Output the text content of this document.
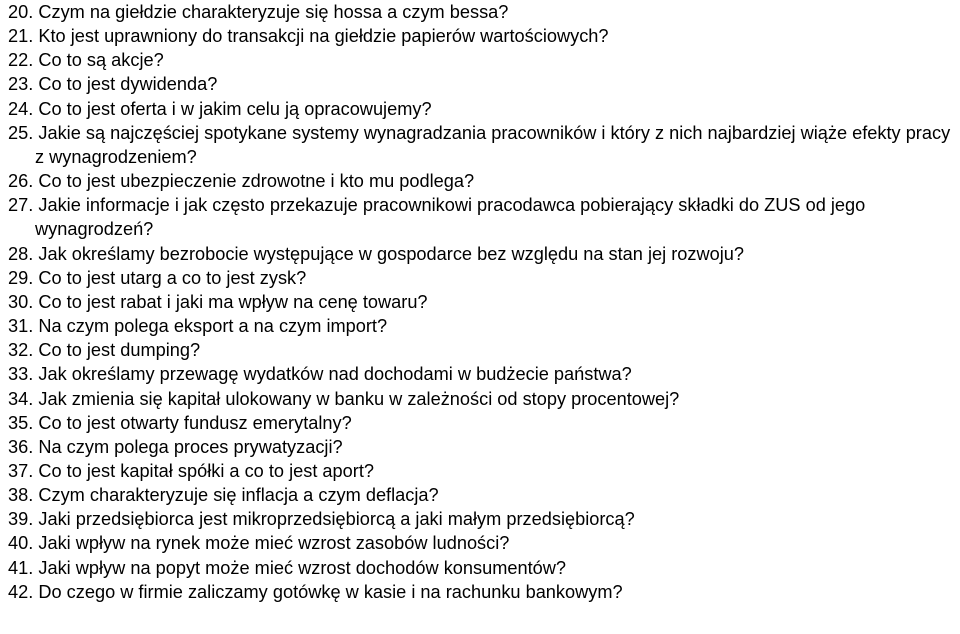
20. Czym na giełdzie charakteryzuje się hossa a czym bessa?
21. Kto jest uprawniony do transakcji na giełdzie papierów wartościowych?
22. Co to są akcje?
23. Co to jest dywidenda?
24. Co to jest oferta i w jakim celu ją opracowujemy?
25. Jakie są najczęściej spotykane systemy wynagradzania pracowników i który z nich najbardziej wiąże efekty pracy z wynagrodzeniem?
26. Co to jest ubezpieczenie zdrowotne i kto mu podlega?
27. Jakie informacje i jak często przekazuje pracownikowi pracodawca pobierający składki do ZUS od jego wynagrodzeń?
28. Jak określamy bezrobocie występujące w gospodarce bez względu na stan jej rozwoju?
29. Co to jest utarg a co to jest zysk?
30. Co to jest rabat i jaki ma wpływ na cenę towaru?
31. Na czym polega eksport a na czym import?
32. Co to jest dumping?
33. Jak określamy przewagę wydatków nad dochodami w budżecie państwa?
34. Jak zmienia się kapitał ulokowany w banku w zależności od stopy procentowej?
35. Co to jest otwarty fundusz emerytalny?
36. Na czym polega proces prywatyzacji?
37. Co to jest kapitał spółki a co to jest aport?
38. Czym charakteryzuje się inflacja a czym deflacja?
39. Jaki przedsiębiorca jest mikroprzedsiębiorcą a jaki małym przedsiębiorcą?
40. Jaki wpływ na rynek może mieć wzrost zasobów ludności?
41. Jaki wpływ na popyt może mieć wzrost dochodów konsumentów?
42. Do czego w firmie zaliczamy gotówkę w kasie i na rachunku bankowym?
